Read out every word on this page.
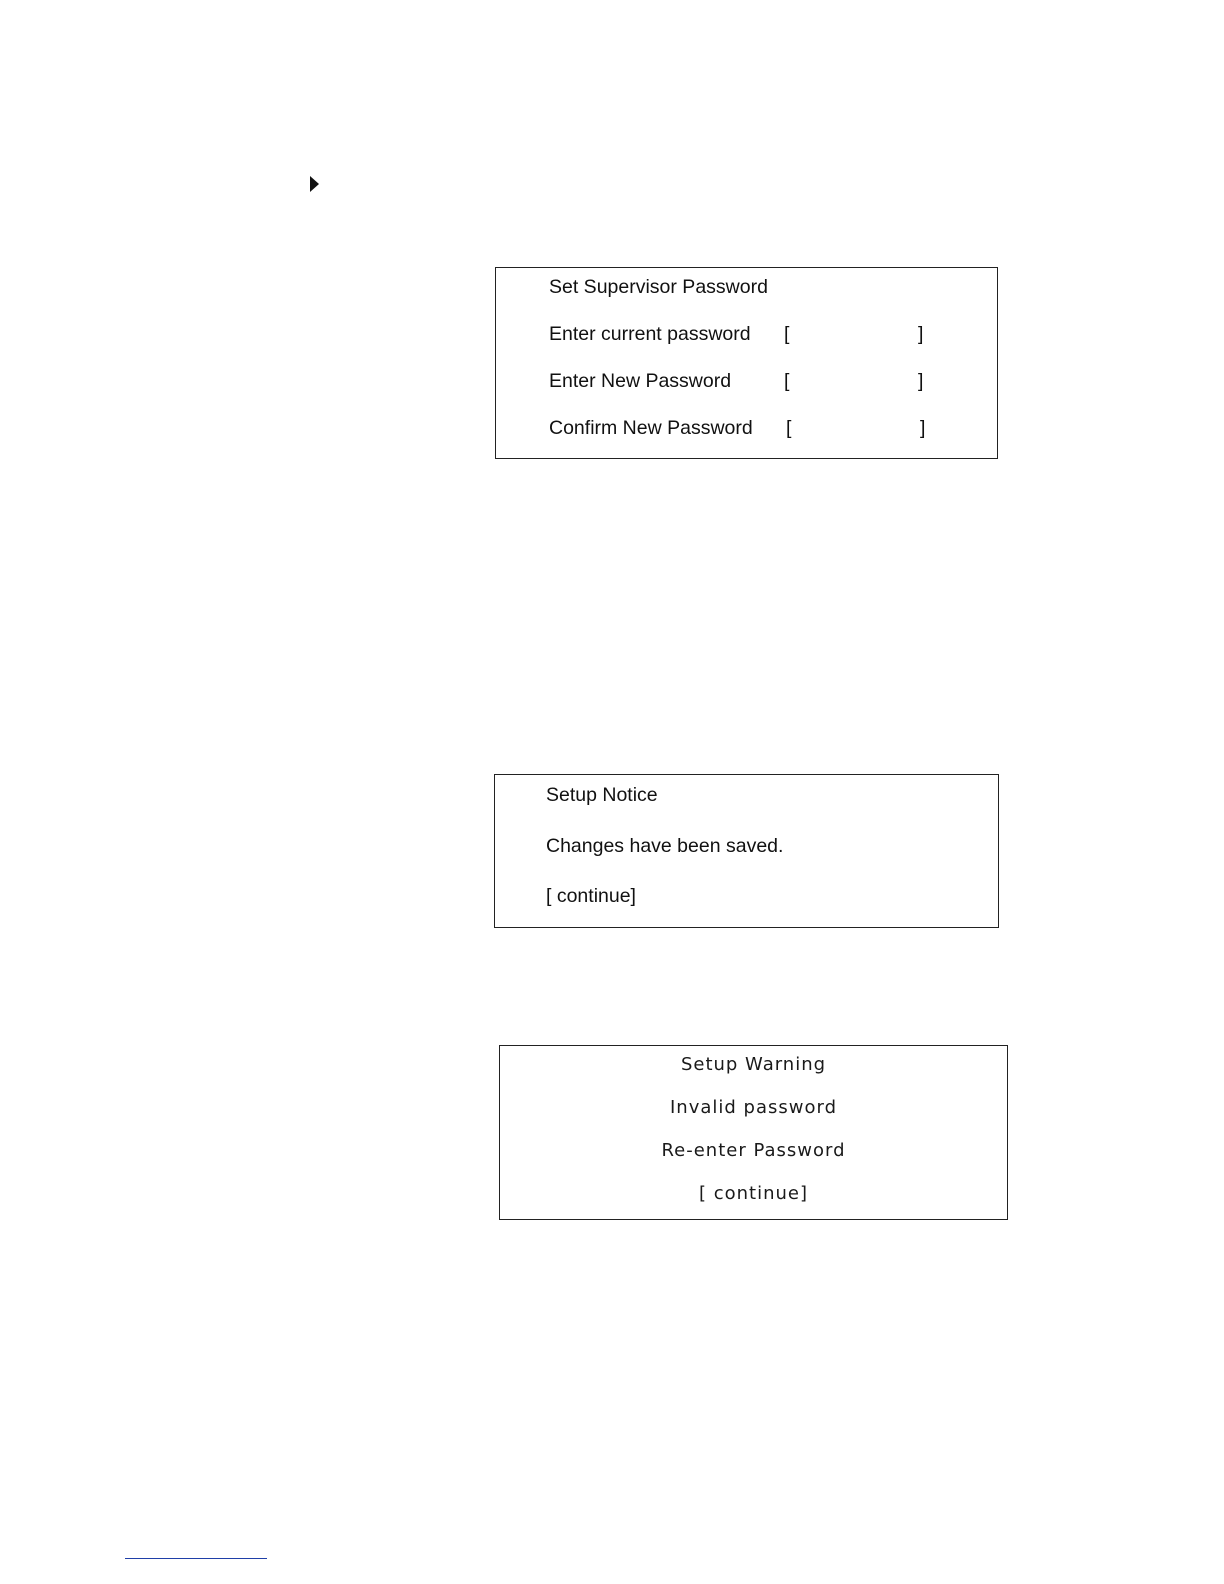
Set Supervisor Password
Enter current password [	]
Enter New Password	[	]
Confirm New Password [	]
Setup Notice
Changes have been saved.
[ continue]
Setup Warning
Invalid password
Re-enter Password
[ continue]
